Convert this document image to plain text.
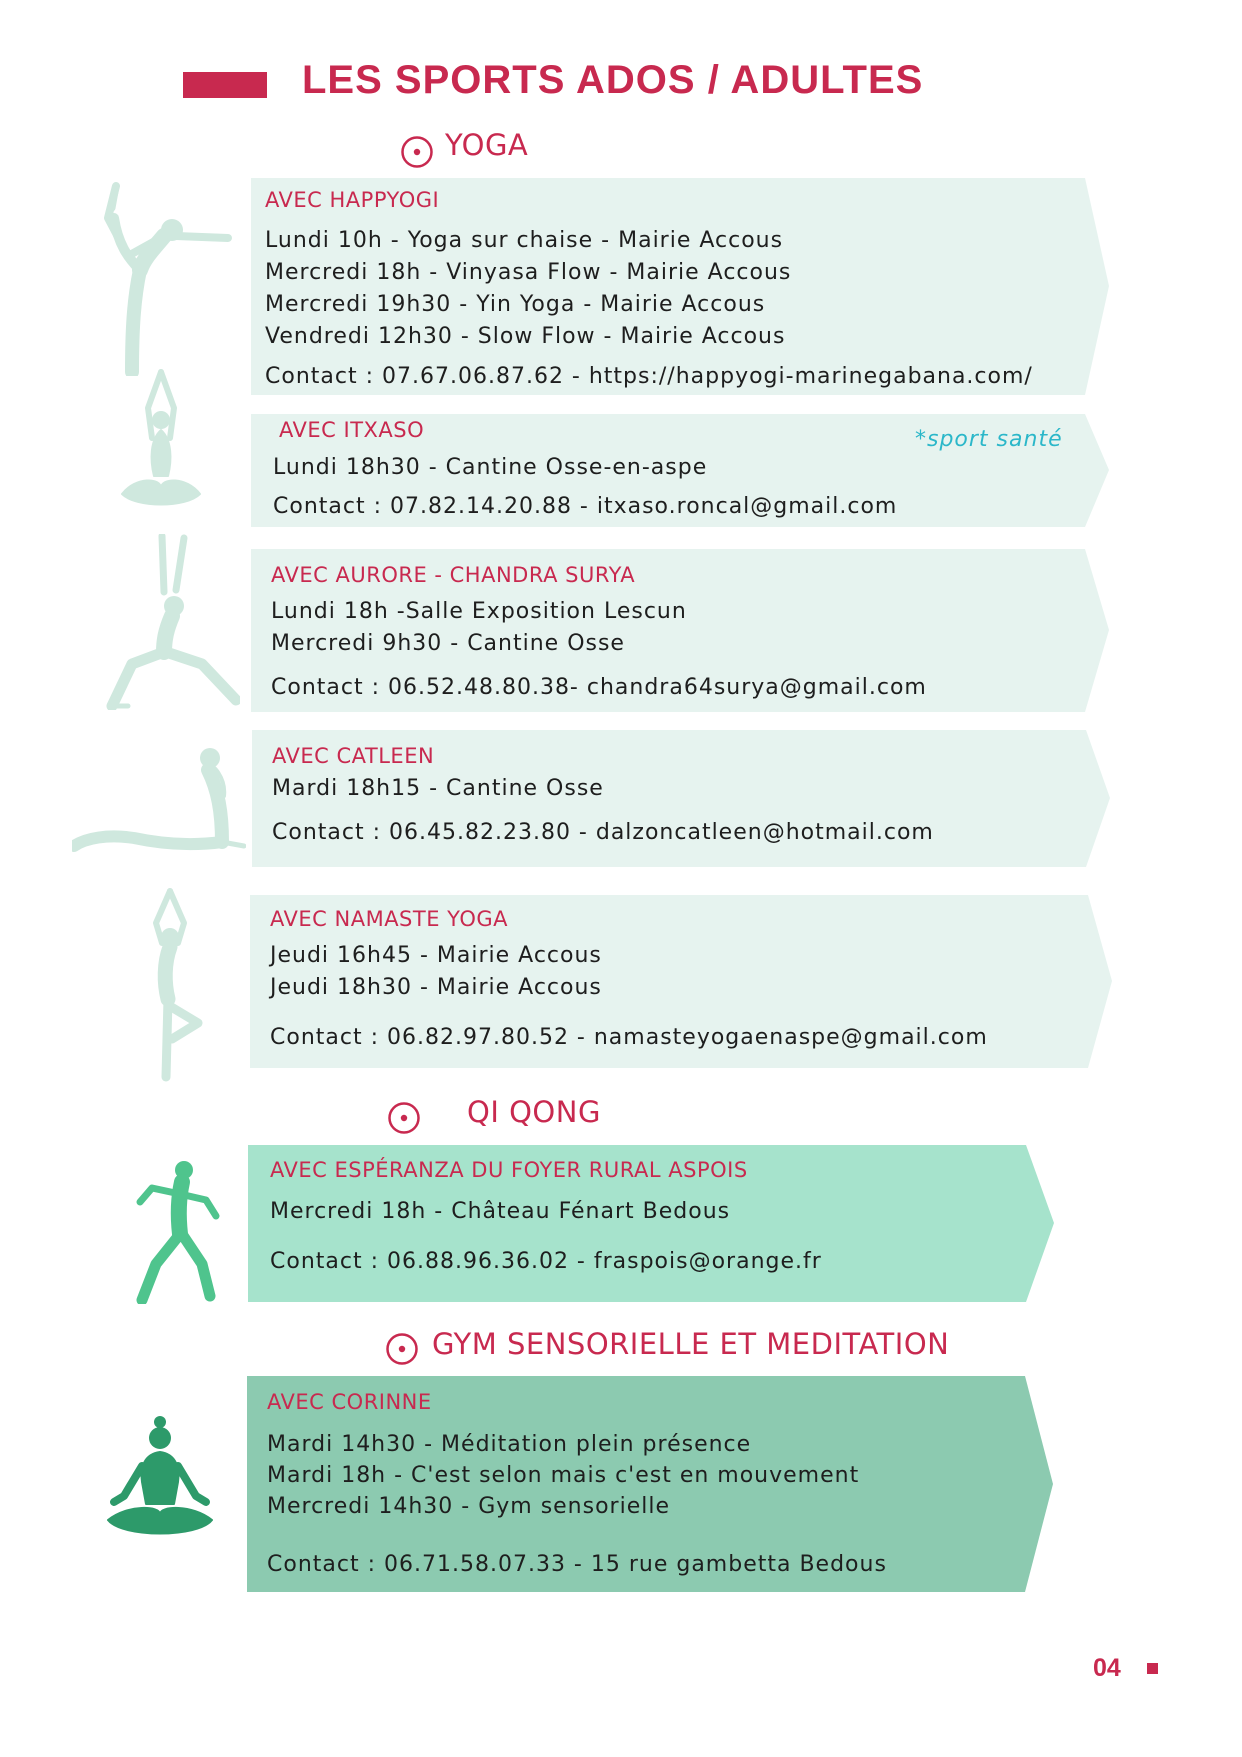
LES SPORTS ADOS / ADULTES
YOGA
AVEC HAPPYOGI
Lundi 10h - Yoga sur chaise - Mairie Accous
Mercredi 18h - Vinyasa Flow - Mairie Accous
Mercredi 19h30 - Yin Yoga - Mairie Accous
Vendredi 12h30 - Slow Flow - Mairie Accous
Contact : 07.67.06.87.62 - https://happyogi-marinegabana.com/
AVEC ITXASO	*sport santé
Lundi 18h30 - Cantine Osse-en-aspe
Contact : 07.82.14.20.88 - itxaso.roncal@gmail.com
AVEC AURORE - CHANDRA SURYA
Lundi 18h -Salle Exposition Lescun
Mercredi 9h30 - Cantine Osse
Contact : 06.52.48.80.38- chandra64surya@gmail.com
AVEC CATLEEN
Mardi 18h15 - Cantine Osse
Contact : 06.45.82.23.80 - dalzoncatleen@hotmail.com
AVEC NAMASTE YOGA
Jeudi 16h45 - Mairie Accous
Jeudi 18h30 - Mairie Accous
Contact : 06.82.97.80.52 - namasteyogaenaspe@gmail.com
QI QONG
AVEC ESPÉRANZA DU FOYER RURAL ASPOIS
Mercredi 18h - Château Fénart Bedous
Contact : 06.88.96.36.02 - fraspois@orange.fr
GYM SENSORIELLE ET MEDITATION
AVEC CORINNE
Mardi 14h30 - Méditation plein présence
Mardi 18h - C'est selon mais c'est en mouvement
Mercredi 14h30 - Gym sensorielle
Contact : 06.71.58.07.33 - 15 rue gambetta Bedous
04
